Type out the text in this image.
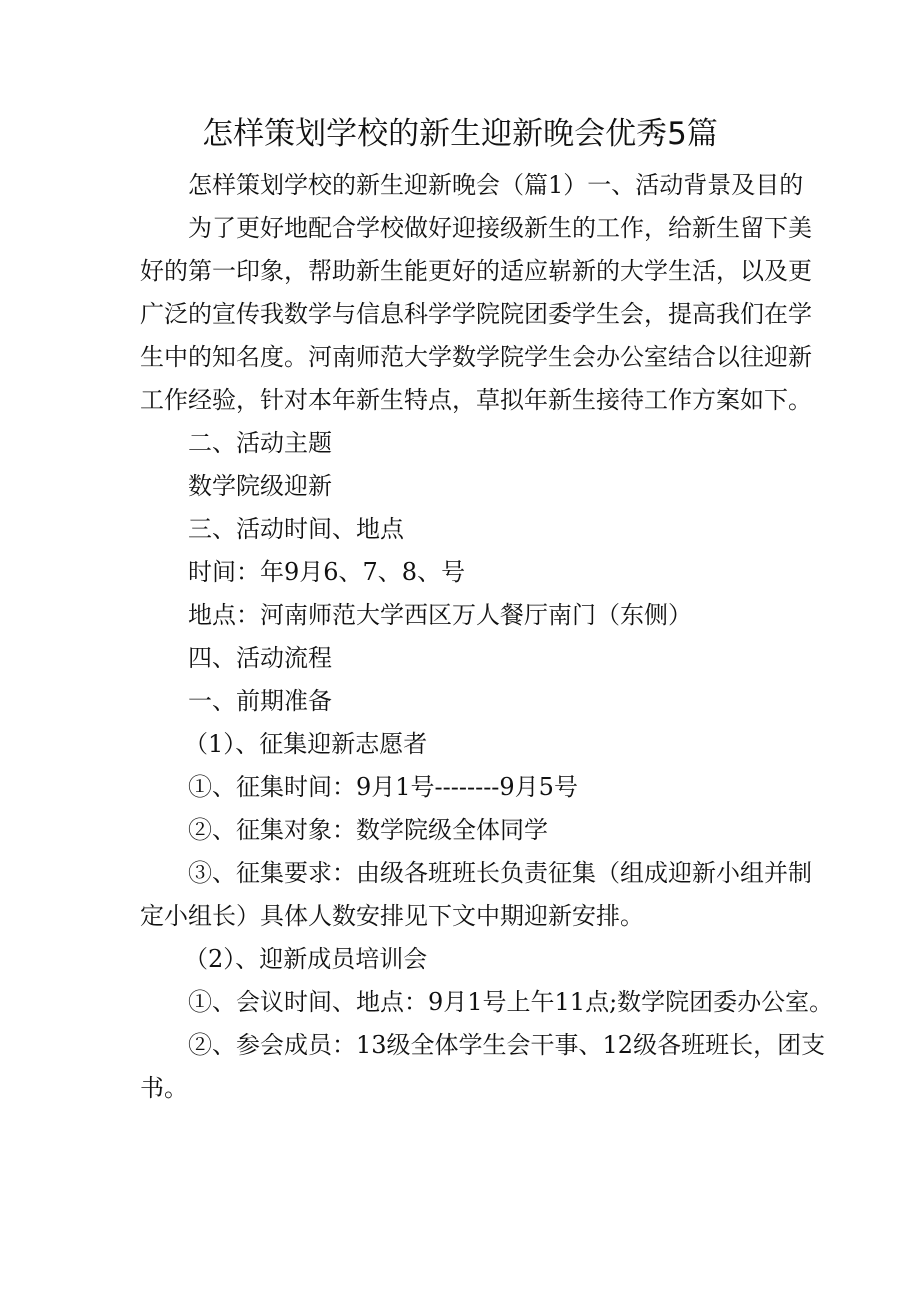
怎样策划学校的新生迎新晚会优秀5篇

怎样策划学校的新生迎新晚会（篇1）一、活动背景及目的

为了更好地配合学校做好迎接级新生的工作，给新生留下美

好的第一印象，帮助新生能更好的适应崭新的大学生活，以及更

广泛的宣传我数学与信息科学学院院团委学生会，提高我们在学

生中的知名度。河南师范大学数学院学生会办公室结合以往迎新

工作经验，针对本年新生特点，草拟年新生接待工作方案如下。

二、活动主题

数学院级迎新

三、活动时间、地点

时间：年9月6、7、8、号

地点：河南师范大学西区万人餐厅南门（东侧）

四、活动流程

一、前期准备

（1）、征集迎新志愿者

①、征集时间：9月1号--------9月5号

②、征集对象：数学院级全体同学

③、征集要求：由级各班班长负责征集（组成迎新小组并制

定小组长）具体人数安排见下文中期迎新安排。

（2）、迎新成员培训会

①、会议时间、地点：9月1号上午11点;数学院团委办公室。

②、参会成员：13级全体学生会干事、12级各班班长，团支

书。
